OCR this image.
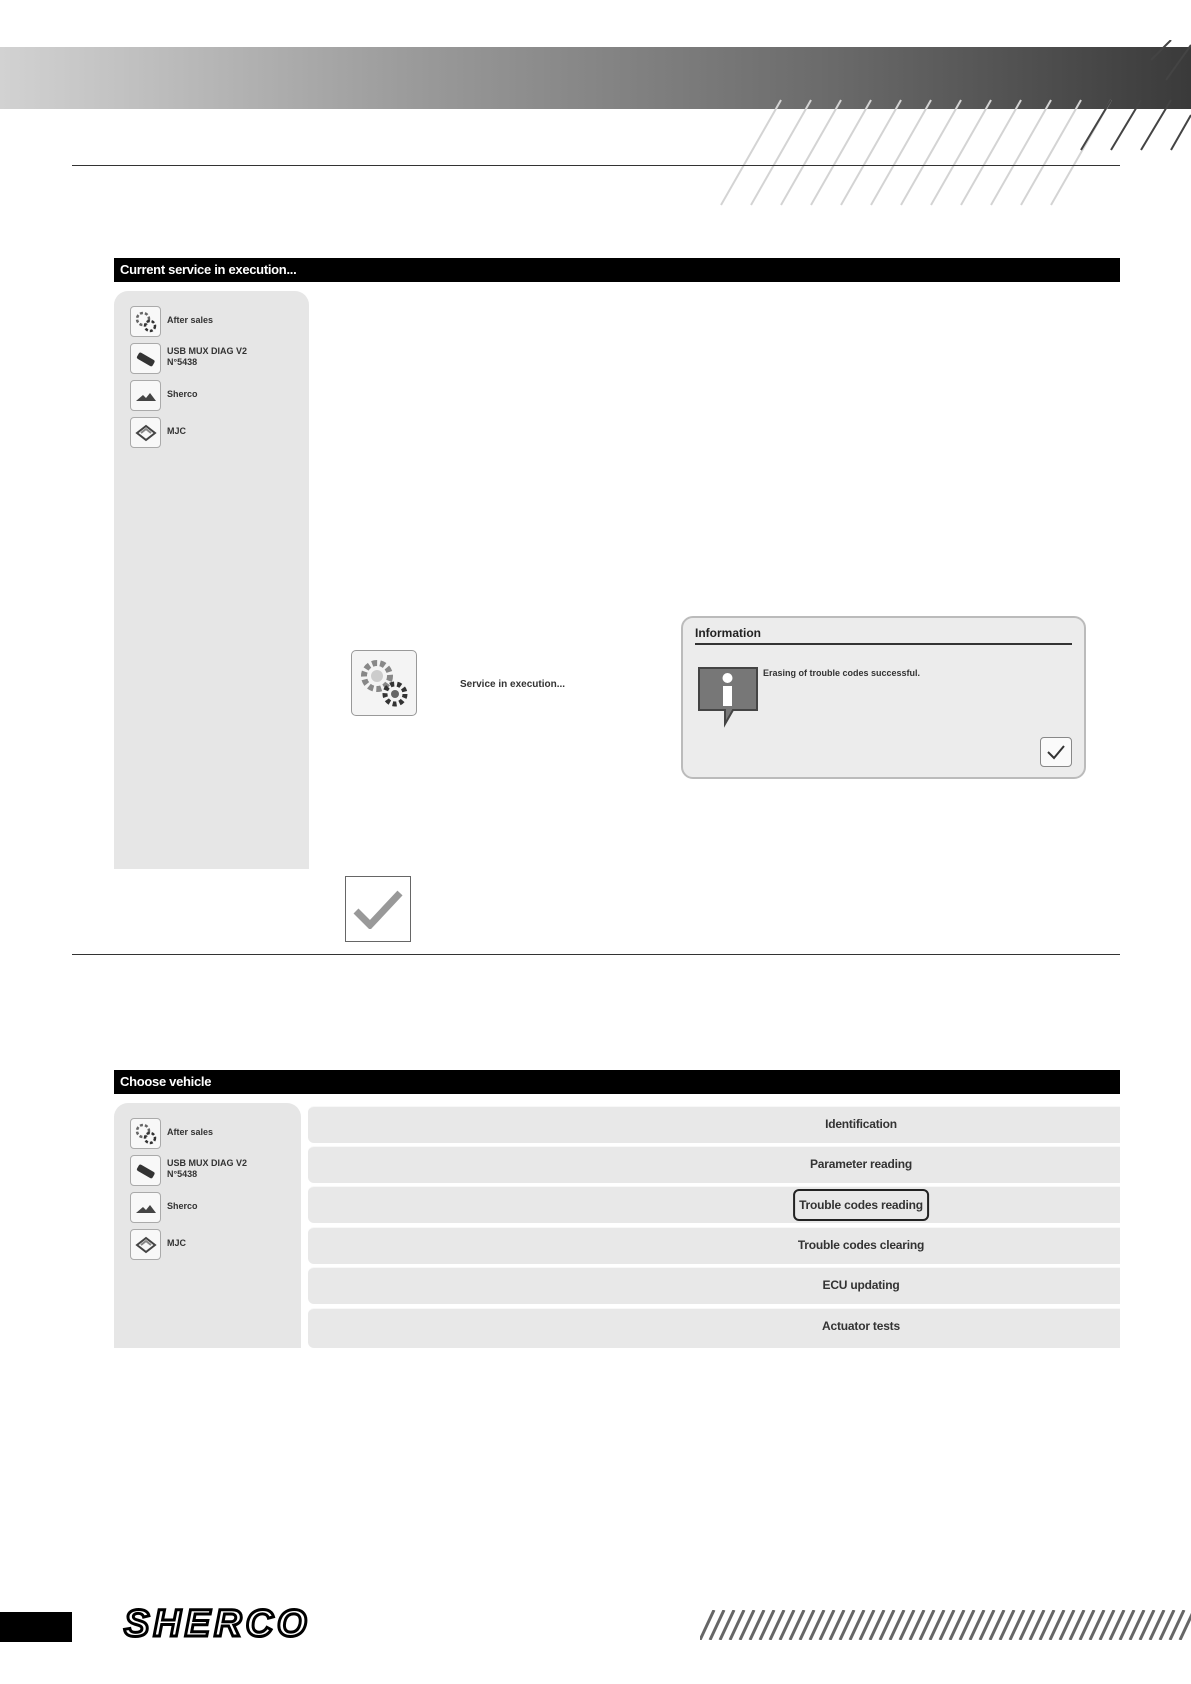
Current service in execution...
After sales
USB MUX DIAG V2
N°5438
Sherco
MJC
Service in execution...
Information
Erasing of trouble codes successful.
Choose vehicle
After sales
USB MUX DIAG V2
N°5438
Sherco
MJC
Identification
Parameter reading
Trouble codes reading
Trouble codes clearing
ECU updating
Actuator tests
SHERCO
